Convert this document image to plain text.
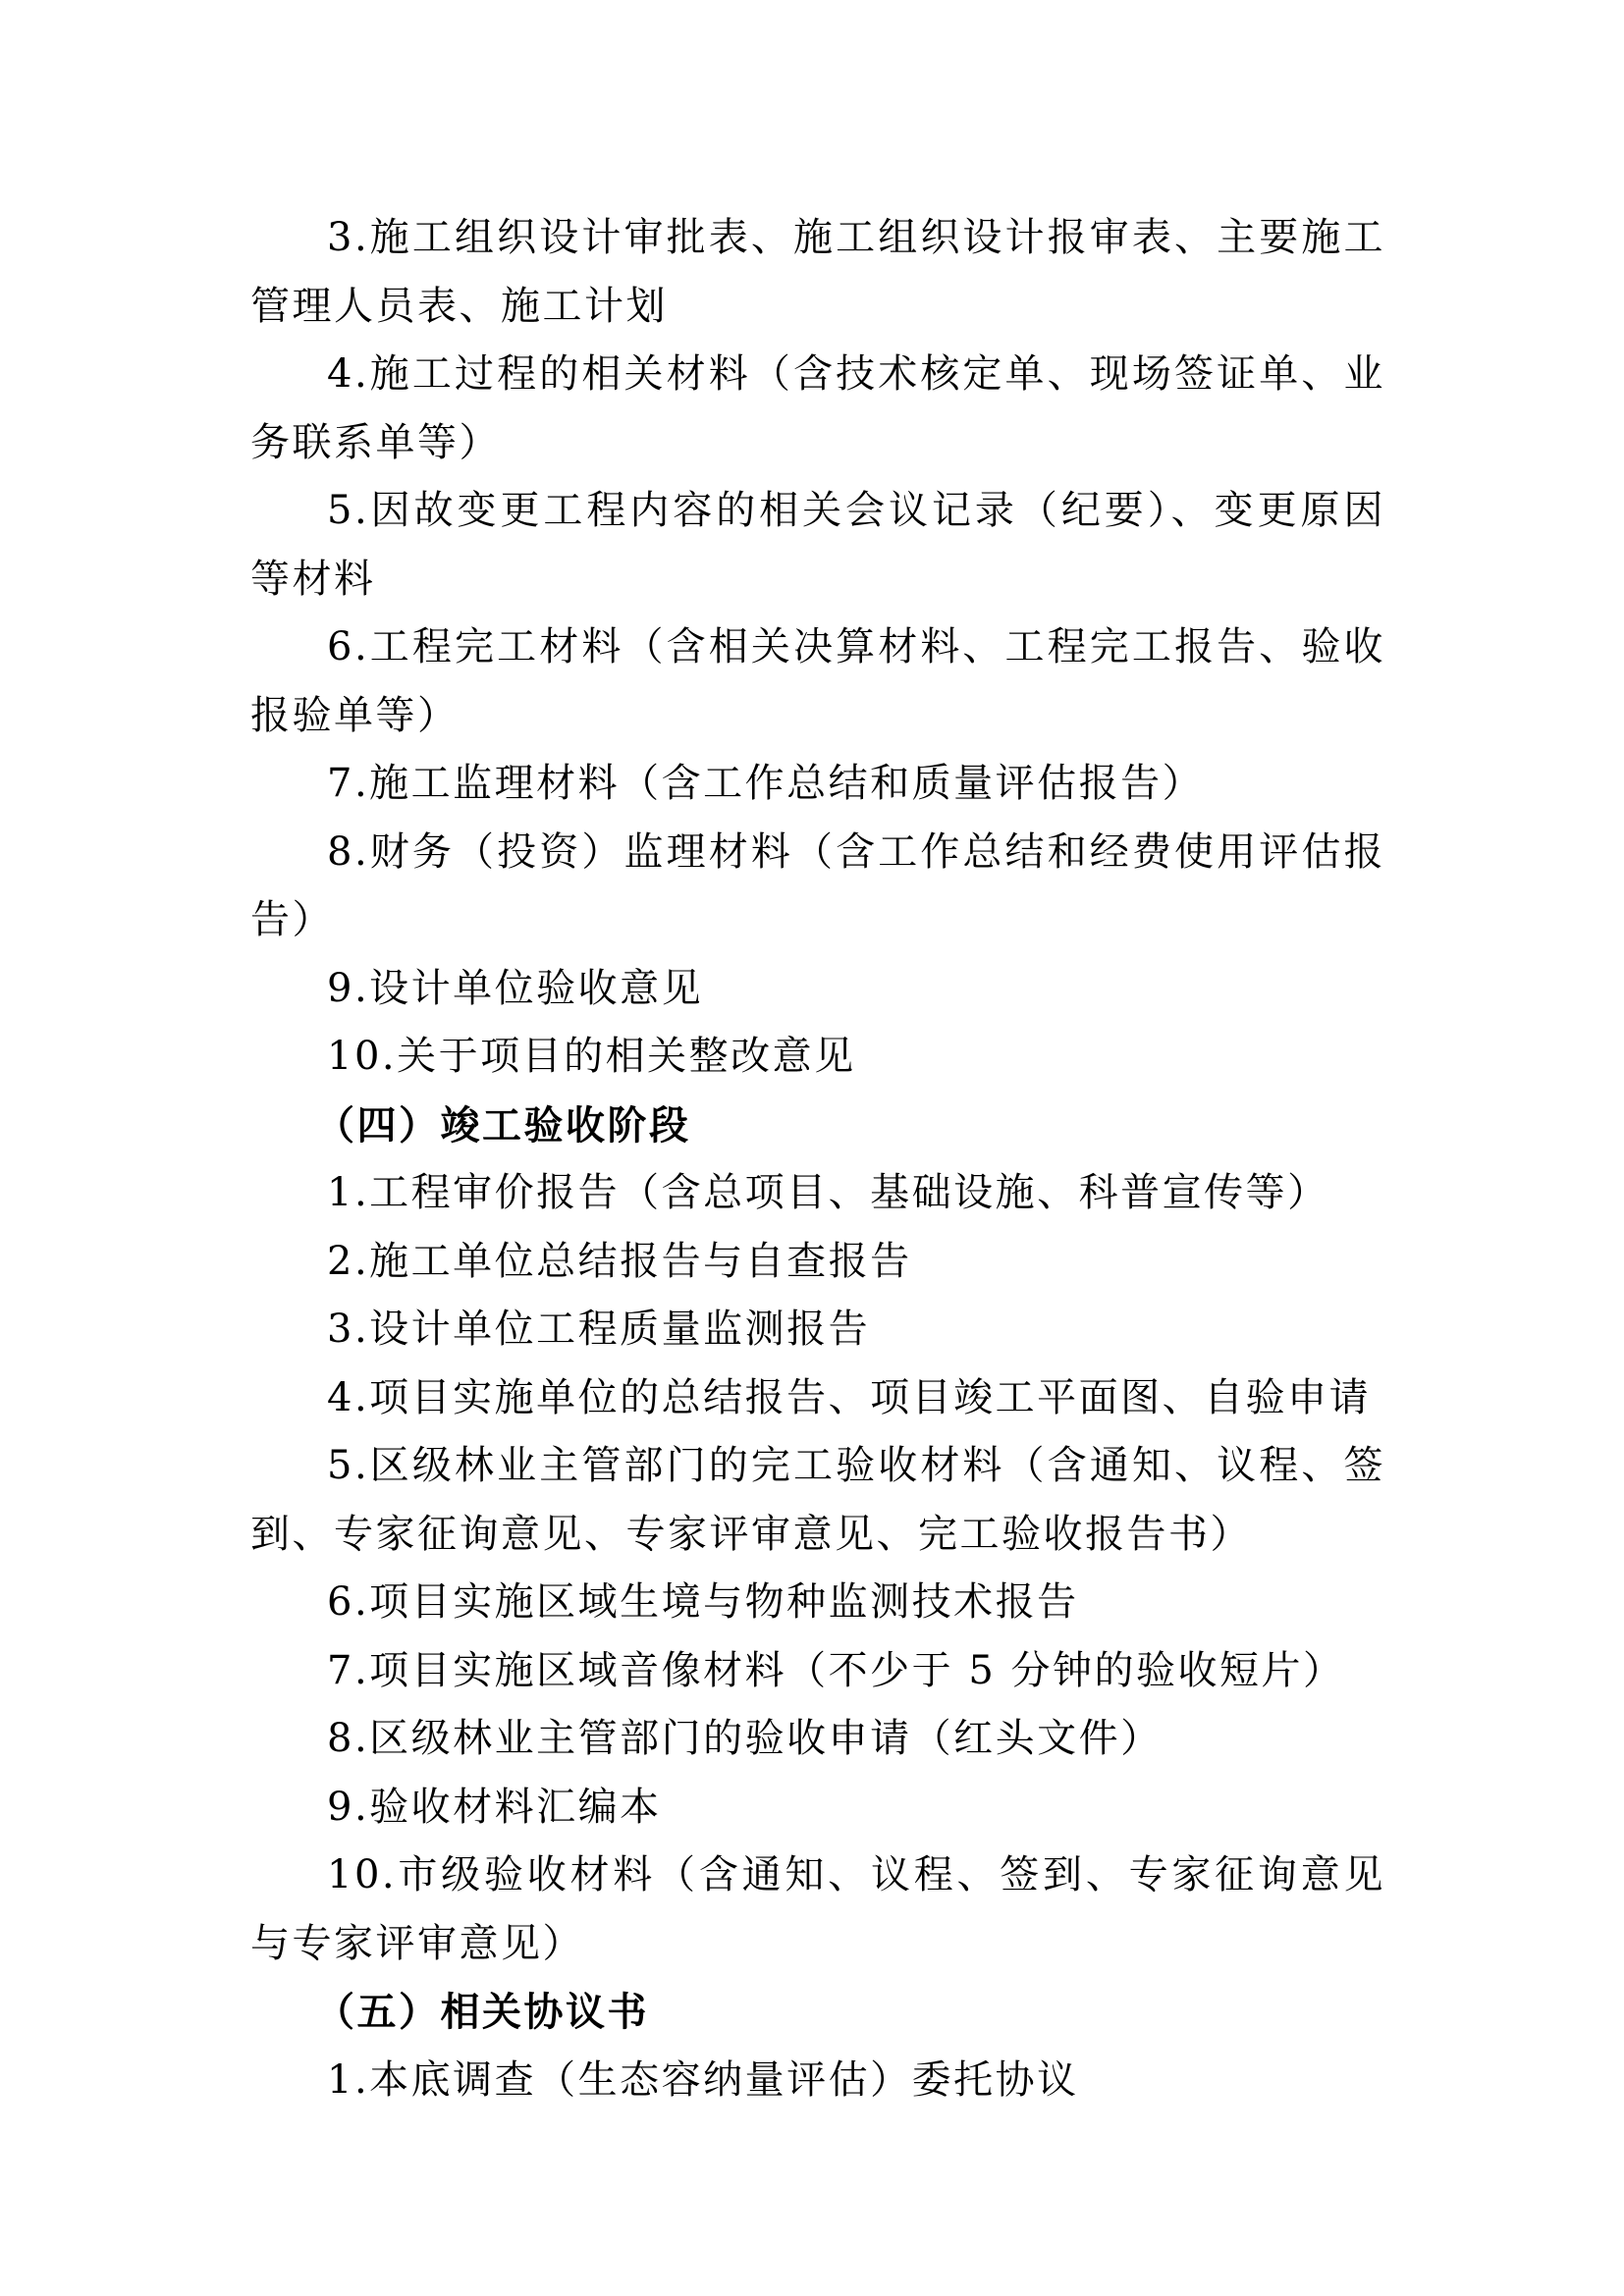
3.施工组织设计审批表、施工组织设计报审表、主要施工管理人员表、施工计划

4.施工过程的相关材料（含技术核定单、现场签证单、业务联系单等）

5.因故变更工程内容的相关会议记录（纪要）、变更原因等材料

6.工程完工材料（含相关决算材料、工程完工报告、验收报验单等）

7.施工监理材料（含工作总结和质量评估报告）

8.财务（投资）监理材料（含工作总结和经费使用评估报告）

9.设计单位验收意见

10.关于项目的相关整改意见

（四）竣工验收阶段

1.工程审价报告（含总项目、基础设施、科普宣传等）

2.施工单位总结报告与自查报告

3.设计单位工程质量监测报告

4.项目实施单位的总结报告、项目竣工平面图、自验申请

5.区级林业主管部门的完工验收材料（含通知、议程、签到、专家征询意见、专家评审意见、完工验收报告书）

6.项目实施区域生境与物种监测技术报告

7.项目实施区域音像材料（不少于 5 分钟的验收短片）

8.区级林业主管部门的验收申请（红头文件）

9.验收材料汇编本

10.市级验收材料（含通知、议程、签到、专家征询意见与专家评审意见）

（五）相关协议书

1.本底调查（生态容纳量评估）委托协议
